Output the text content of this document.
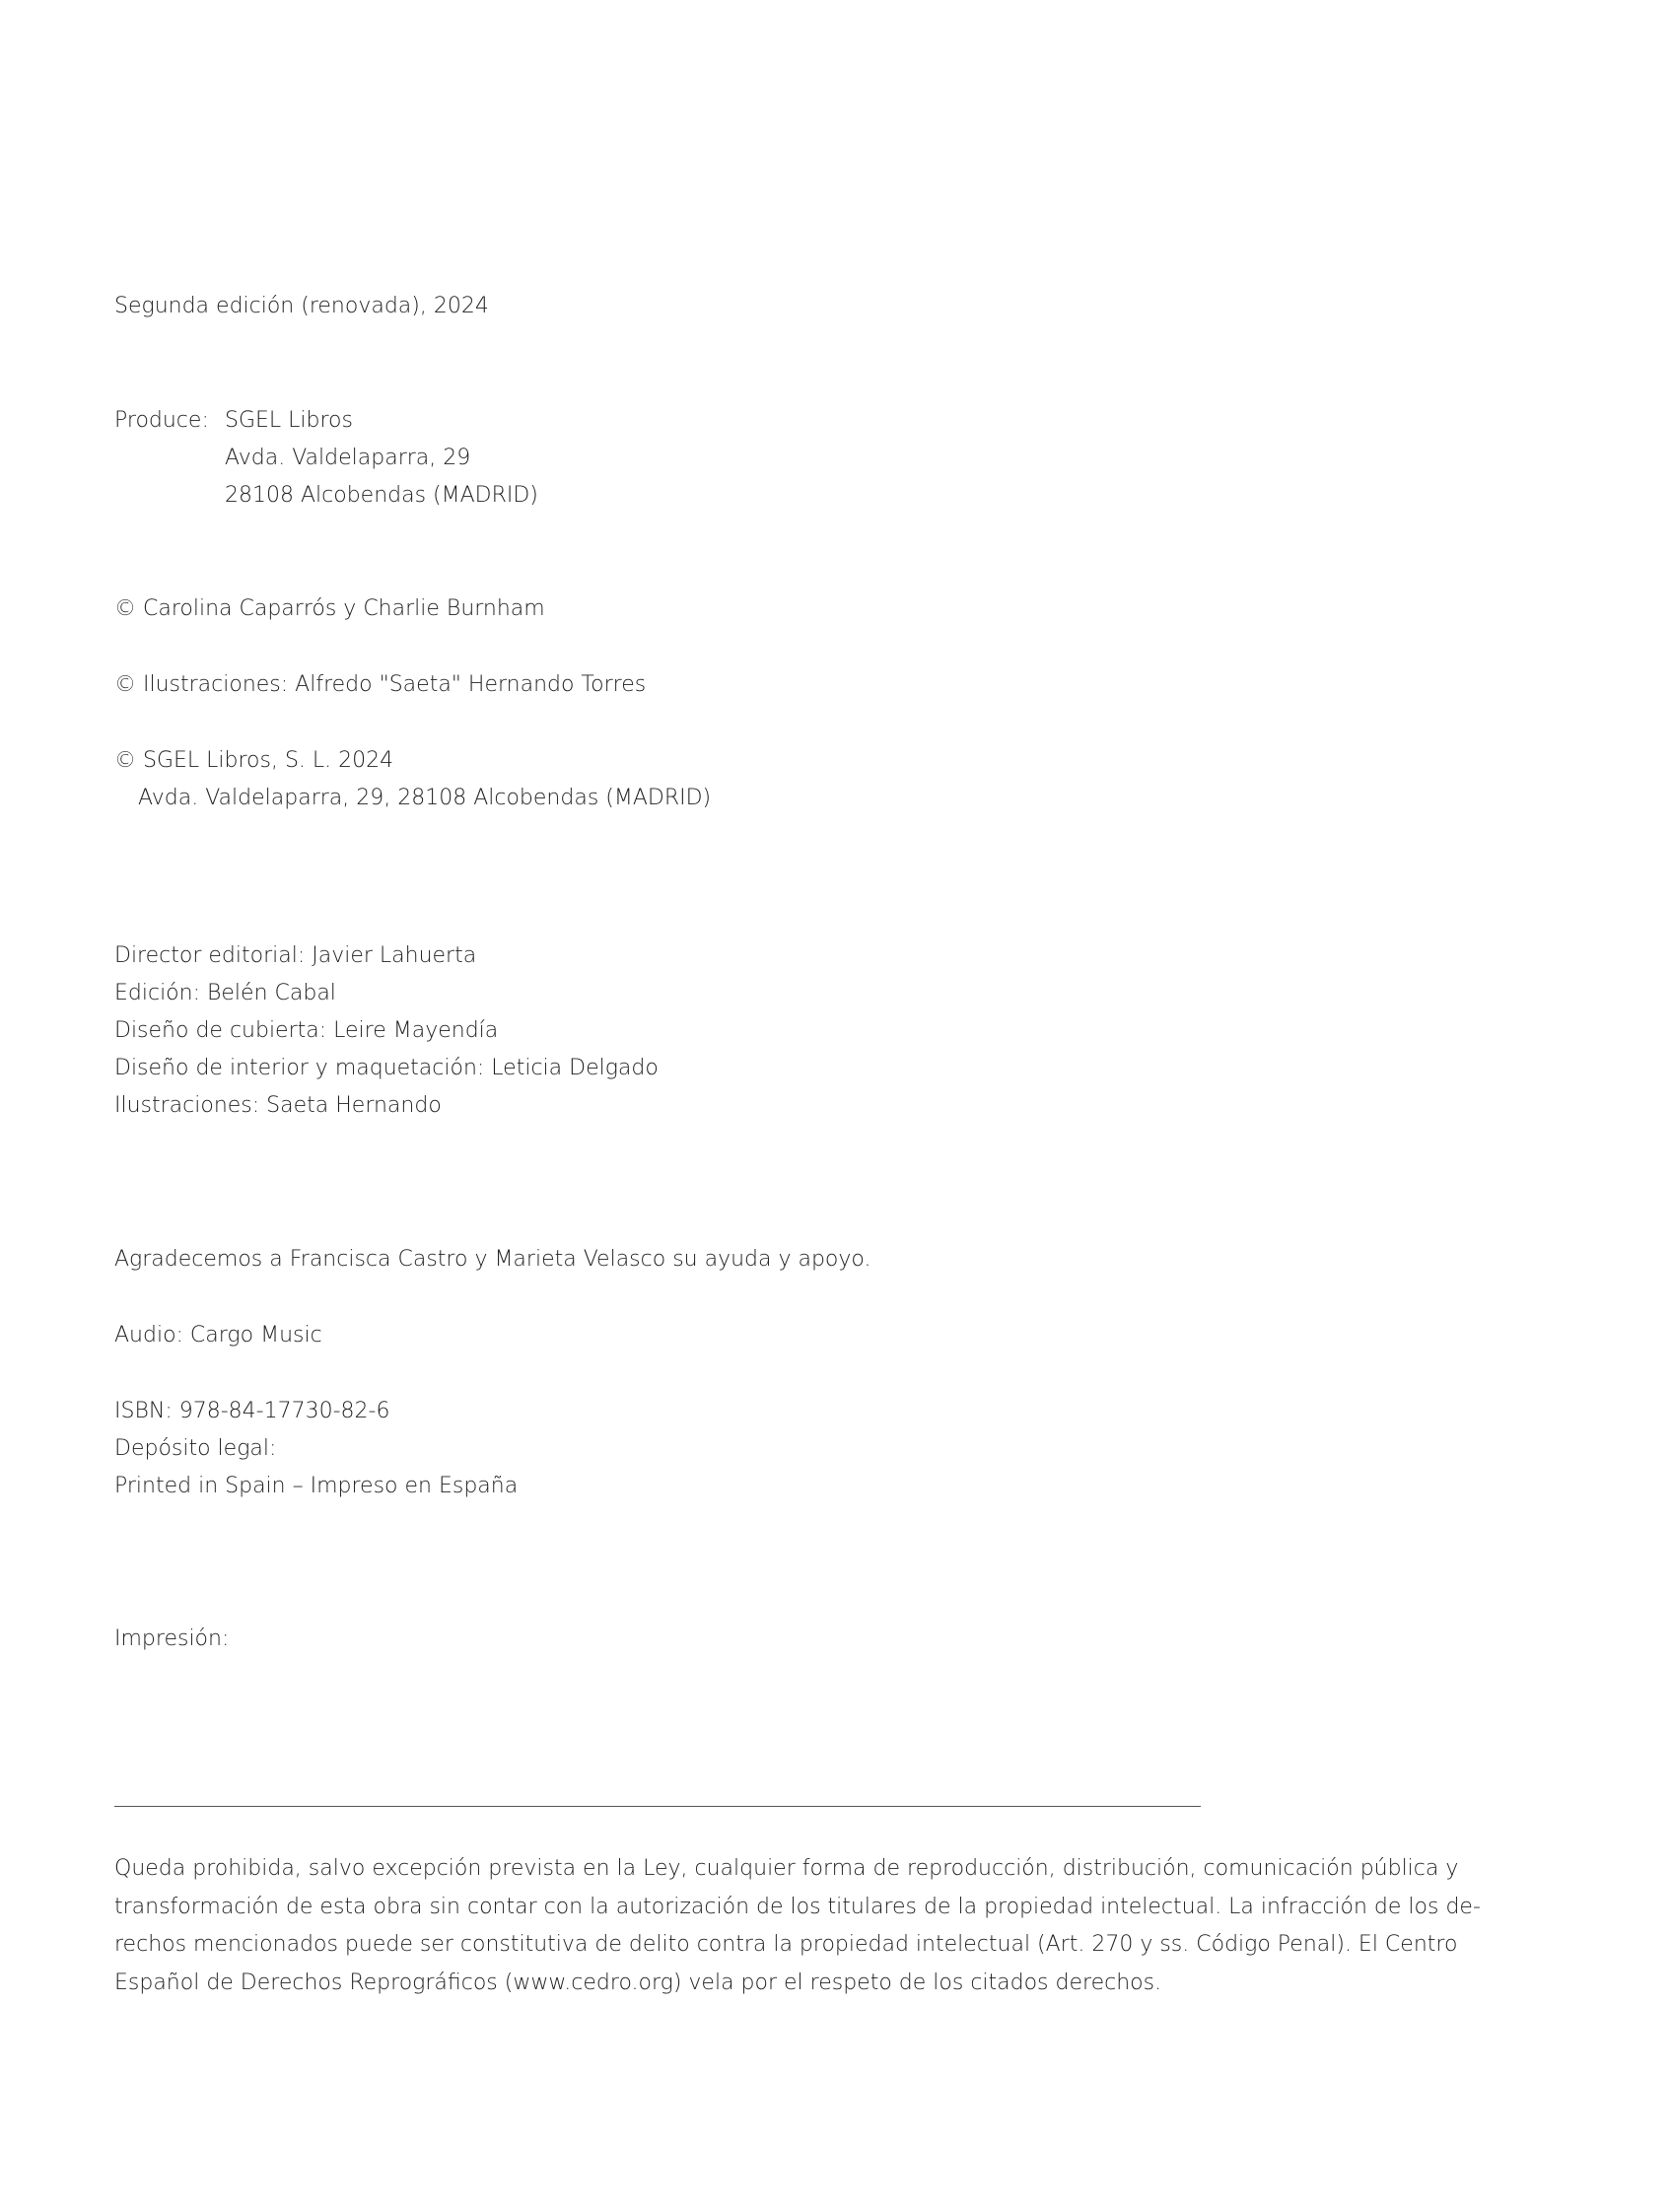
Segunda edición (renovada), 2024

Produce: SGEL Libros

Avda. Valdelaparra, 29

28108 Alcobendas (MADRID)

© Carolina Caparrós y Charlie Burnham

© Ilustraciones: Alfredo "Saeta" Hernando Torres

© SGEL Libros, S. L. 2024

Avda. Valdelaparra, 29, 28108 Alcobendas (MADRID)

Director editorial: Javier Lahuerta

Edición: Belén Cabal

Diseño de cubierta: Leire Mayendía

Diseño de interior y maquetación: Leticia Delgado

Ilustraciones: Saeta Hernando

Agradecemos a Francisca Castro y Marieta Velasco su ayuda y apoyo.

Audio: Cargo Music

ISBN: 978-84-17730-82-6

Depósito legal:

Printed in Spain – Impreso en España

Impresión:

Queda prohibida, salvo excepción prevista en la Ley, cualquier forma de reproducción, distribución, comunicación pública y
transformación de esta obra sin contar con la autorización de los titulares de la propiedad intelectual. La infracción de los de-
rechos mencionados puede ser constitutiva de delito contra la propiedad intelectual (Art. 270 y ss. Código Penal). El Centro
Español de Derechos Reprográficos (www.cedro.org) vela por el respeto de los citados derechos.
